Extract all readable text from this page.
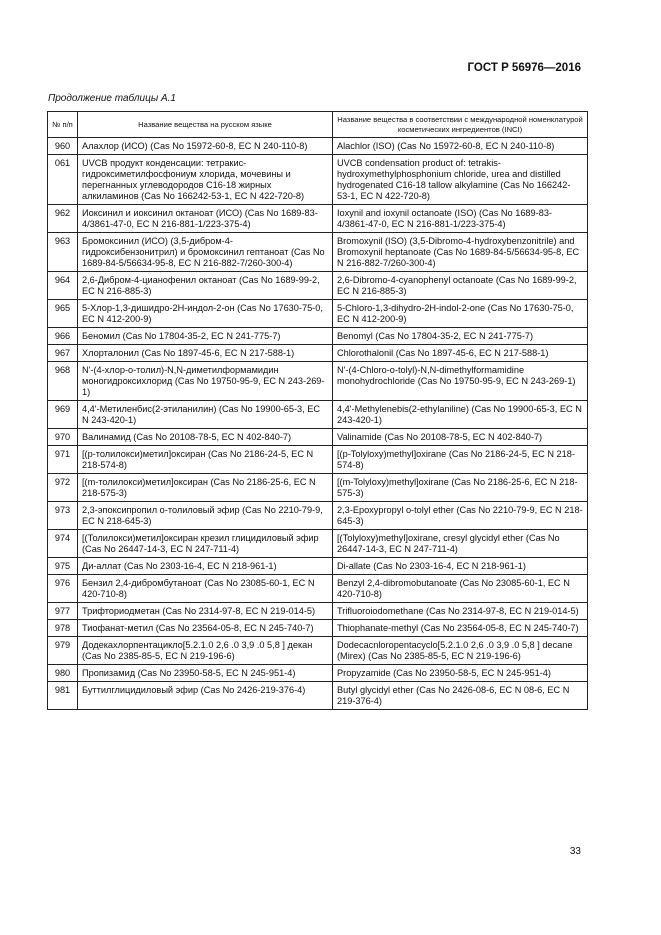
ГОСТ Р 56976—2016
Продолжение таблицы А.1
№ п/п	Название вещества на русском языке	Название вещества в соответствии с международной номенклатурой косметических ингредиентов (INCI)
960	Алахлор (ИСО) (Cas No 15972-60-8, EC N 240-110-8)	Alachlor (ISO) (Cas No 15972-60-8, EC N 240-110-8)
061	UVCB продукт конденсации: тетракис-гидроксиметилфосфониум хлорида, мочевины и перегнанных углеводородов C16-18 жирных алкиламинов (Cas No 166242-53-1, EC N 422-720-8)	UVCB condensation product of: tetrakis-hydroxymethylphosphonium chloride, urea and distilled hydrogenated C16-18 tallow alkylamine (Cas No 166242-53-1, EC N 422-720-8)
962	Иоксинил и иоксинил октаноат (ИСО) (Cas No 1689-83-4/3861-47-0, EC N 216-881-1/223-375-4)	Ioxynil and ioxynil octanoate (ISO) (Cas No 1689-83-4/3861-47-0, EC N 216-881-1/223-375-4)
963	Бромоксинил (ИСО) (3,5-дибром-4-гидроксибензонитрил) и бромоксинил гептаноат (Cas No 1689-84-5/56634-95-8, EC N 216-882-7/260-300-4)	Bromoxynil (ISO) (3,5-Dibromo-4-hydroxybenzonitrile) and Bromoxynil heptanoate (Cas No 1689-84-5/56634-95-8, EC N 216-882-7/260-300-4)
964	2,6-Дибром-4-цианофенил октаноат (Cas No 1689-99-2, EC N 216-885-3)	2,6-Dibromo-4-cyanophenyl octanoate (Cas No 1689-99-2, EC N 216-885-3)
965	5-Хлор-1,3-дишидро-2Н-индол-2-он (Cas No 17630-75-0, EC N 412-200-9)	5-Chloro-1,3-dihydro-2H-indol-2-one (Cas No 17630-75-0, EC N 412-200-9)
966	Беномил (Cas No 17804-35-2, EC N 241-775-7)	Benomyl (Cas No 17804-35-2, EC N 241-775-7)
967	Хлорталонил (Cas No 1897-45-6, EC N 217-588-1)	Chlorothalonil (Cas No 1897-45-6, EC N 217-588-1)
968	N'-(4-хлор-о-толил)-N,N-диметилформамидин моногидроксихлорид (Cas No 19750-95-9, EC N 243-269-1)	N'-(4-Chloro-o-tolyl)-N,N-dimethylformamidine monohydrochloride (Cas No 19750-95-9, EC N 243-269-1)
969	4,4'-Метиленбис(2-этиланилин) (Cas No 19900-65-3, EC N 243-420-1)	4,4'-Methylenebis(2-ethylaniline) (Cas No 19900-65-3, EC N 243-420-1)
970	Валинамид (Cas No 20108-78-5, EC N 402-840-7)	Valinamide (Cas No 20108-78-5, EC N 402-840-7)
971	[(р-толилокси)метил]оксиран (Cas No 2186-24-5, EC N 218-574-8)	[(p-Tolyloxy)methyl]oxirane (Cas No 2186-24-5, EC N 218-574-8)
972	[(m-толилокси)метил]оксиран (Cas No 2186-25-6, EC N 218-575-3)	[(m-Tolyloxy)methyl]oxirane (Cas No 2186-25-6, EC N 218-575-3)
973	2,3-эпоксипропил о-толиловый эфир (Cas No 2210-79-9, EC N 218-645-3)	2,3-Epoxypropyl o-tolyl ether (Cas No 2210-79-9, EC N 218-645-3)
974	[(Толилокси)метил]оксиран крезил глицидиловый эфир (Cas No 26447-14-3, EC N 247-711-4)	[(Tolyloxy)methyl]oxirane, cresyl glycidyl ether (Cas No 26447-14-3, EC N 247-711-4)
975	Ди-аллат (Cas No 2303-16-4, EC N 218-961-1)	Di-allate (Cas No 2303-16-4, EC N 218-961-1)
976	Бензил 2,4-дибромбутаноат (Cas No 23085-60-1, EC N 420-710-8)	Benzyl 2,4-dibromobutanoate (Cas No 23085-60-1, EC N 420-710-8)
977	Трифториодметан (Cas No 2314-97-8, EC N 219-014-5)	Trifluoroiodomethane (Cas No 2314-97-8, EC N 219-014-5)
978	Тиофанат-метил (Cas No 23564-05-8, EC N 245-740-7)	Thiophanate-methyl (Cas No 23564-05-8, EC N 245-740-7)
979	Додекахлорпентацикло[5.2.1.0 2,6 .0 3,9 .0 5,8 ] декан (Cas No 2385-85-5, EC N 219-196-6)	Dodecacnloropentacyclo[5.2.1.0 2,6 .0 3,9 .0 5,8 ] decane (Mirex) (Cas No 2385-85-5, EC N 219-196-6)
980	Пропизамид (Cas No 23950-58-5, EC N 245-951-4)	Propyzamide (Cas No 23950-58-5, EC N 245-951-4)
981	Буттилглицидиловый эфир (Cas No 2426-219-376-4)	Butyl glycidyl ether (Cas No 2426-08-6, EC N 08-6, EC N 219-376-4)
33
